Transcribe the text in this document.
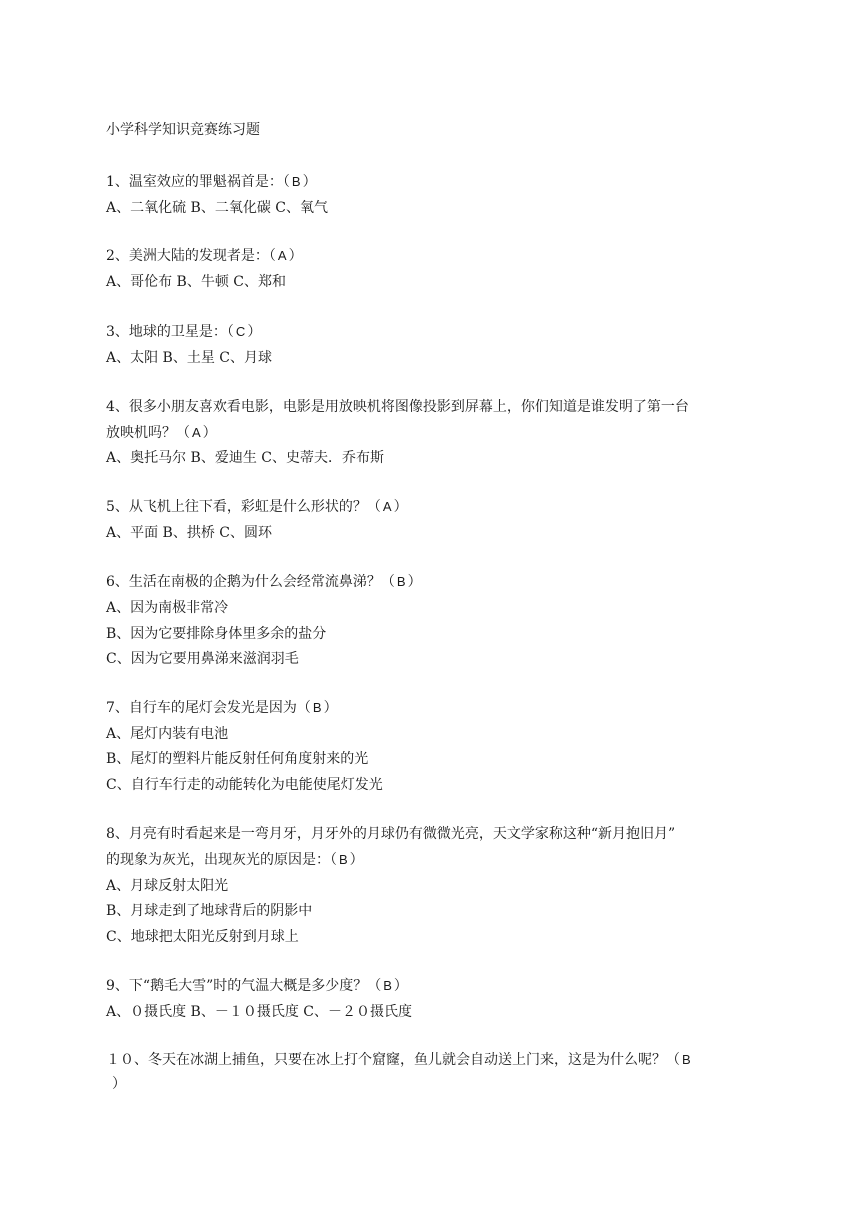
小学科学知识竞赛练习题
1、温室效应的罪魁祸首是：（ B ）
A、二氧化硫 B、二氧化碳 C、氧气
2、美洲大陆的发现者是：（ A ）
A、哥伦布 B、牛顿 C、郑和
3、地球的卫星是：（ C ）
A、太阳 B、土星 C、月球
4、很多小朋友喜欢看电影，电影是用放映机将图像投影到屏幕上，你们知道是谁发明了第一台
放映机吗？（ A ）
A、奥托马尔 B、爱迪生 C、史蒂夫．乔布斯
5、从飞机上往下看，彩虹是什么形状的？（ A ）
A、平面 B、拱桥 C、圆环
6、生活在南极的企鹅为什么会经常流鼻涕？（ B ）
A、因为南极非常冷
B、因为它要排除身体里多余的盐分
C、因为它要用鼻涕来滋润羽毛
7、自行车的尾灯会发光是因为（ B ）
A、尾灯内装有电池
B、尾灯的塑料片能反射任何角度射来的光
C、自行车行走的动能转化为电能使尾灯发光
8、月亮有时看起来是一弯月牙，月牙外的月球仍有微微光亮，天文学家称这种“新月抱旧月”
的现象为灰光，出现灰光的原因是：（ B ）
A、月球反射太阳光
B、月球走到了地球背后的阴影中
C、地球把太阳光反射到月球上
9、下“鹅毛大雪”时的气温大概是多少度？（ B ）
A、０摄氏度 B、－１０摄氏度 C、－２０摄氏度
１０、冬天在冰湖上捕鱼，只要在冰上打个窟窿，鱼儿就会自动送上门来，这是为什么呢？（ B
）
